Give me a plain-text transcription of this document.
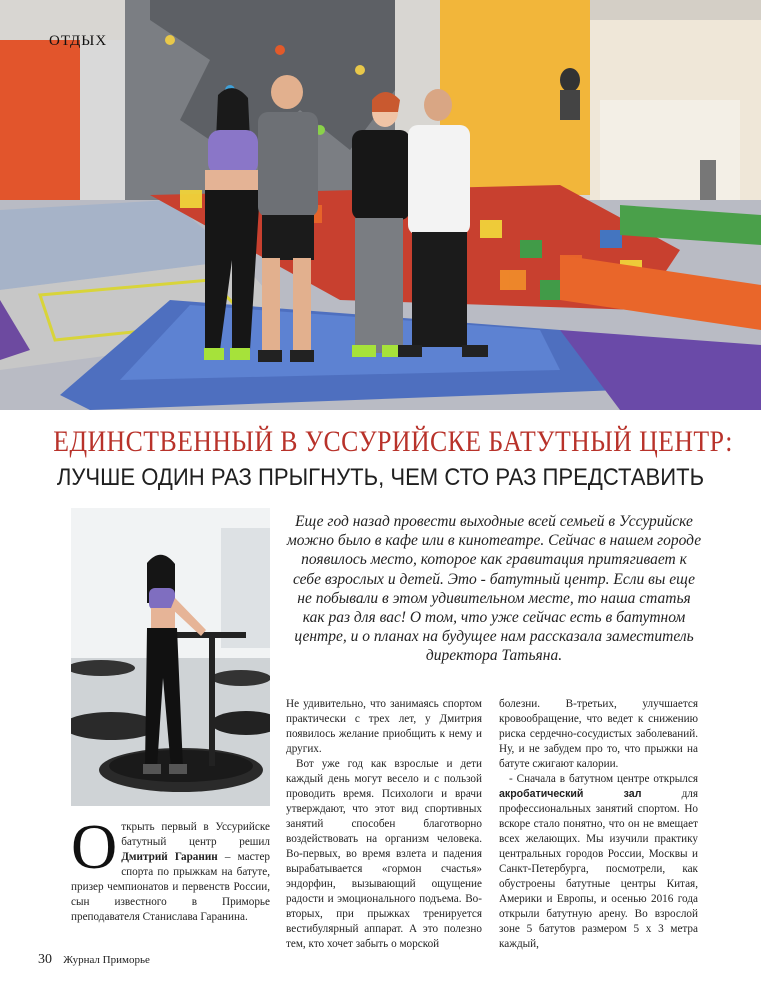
ОТДЫХ
ЕДИНСТВЕННЫЙ В УССУРИЙСКЕ БАТУТНЫЙ ЦЕНТР:
ЛУЧШЕ ОДИН РАЗ ПРЫГНУТЬ, ЧЕМ СТО РАЗ ПРЕДСТАВИТЬ
Еще год назад провести выходные всей семьей в Уссурийске можно было в кафе или в кинотеатре. Сейчас в нашем городе появилось место, которое как гравитация притягивает к себе взрослых и детей. Это - батутный центр. Если вы еще не побывали в этом удивительном месте, то наша статья как раз для вас! О том, что уже сейчас есть в батутном центре, и о планах на будущее нам рассказала заместитель директора Татьяна.

Открыть первый в Уссурийске батутный центр решил Дмитрий Гаранин – мастер спорта по прыжкам на батуте, призер чемпионатов и первенств России, сын известного в Приморье преподавателя Станислава Гаранина.

Не удивительно, что занимаясь спортом практически с трех лет, у Дмитрия появилось желание приобщить к нему и других.

Вот уже год как взрослые и дети каждый день могут весело и с пользой проводить время. Психологи и врачи утверждают, что этот вид спортивных занятий способен благотворно воздействовать на организм человека. Во-первых, во время взлета и падения вырабатывается «гормон счастья» эндорфин, вызывающий ощущение радости и эмоционального подъема. Во-вторых, при прыжках тренируется вестибулярный аппарат. А это полезно тем, кто хочет забыть о морской

болезни. В-третьих, улучшается кровообращение, что ведет к снижению риска сердечно-сосудистых заболеваний. Ну, и не забудем про то, что прыжки на батуте сжигают калории.

- Сначала в батутном центре открылся акробатический зал для профессиональных занятий спортом. Но вскоре стало понятно, что он не вмещает всех желающих. Мы изучили практику центральных городов России, Москвы и Санкт-Петербурга, посмотрели, как обустроены батутные центры Китая, Америки и Европы, и осенью 2016 года открыли батутную арену. Во взрослой зоне 5 батутов размером 5 х 3 метра каждый,

30 Журнал Приморье
